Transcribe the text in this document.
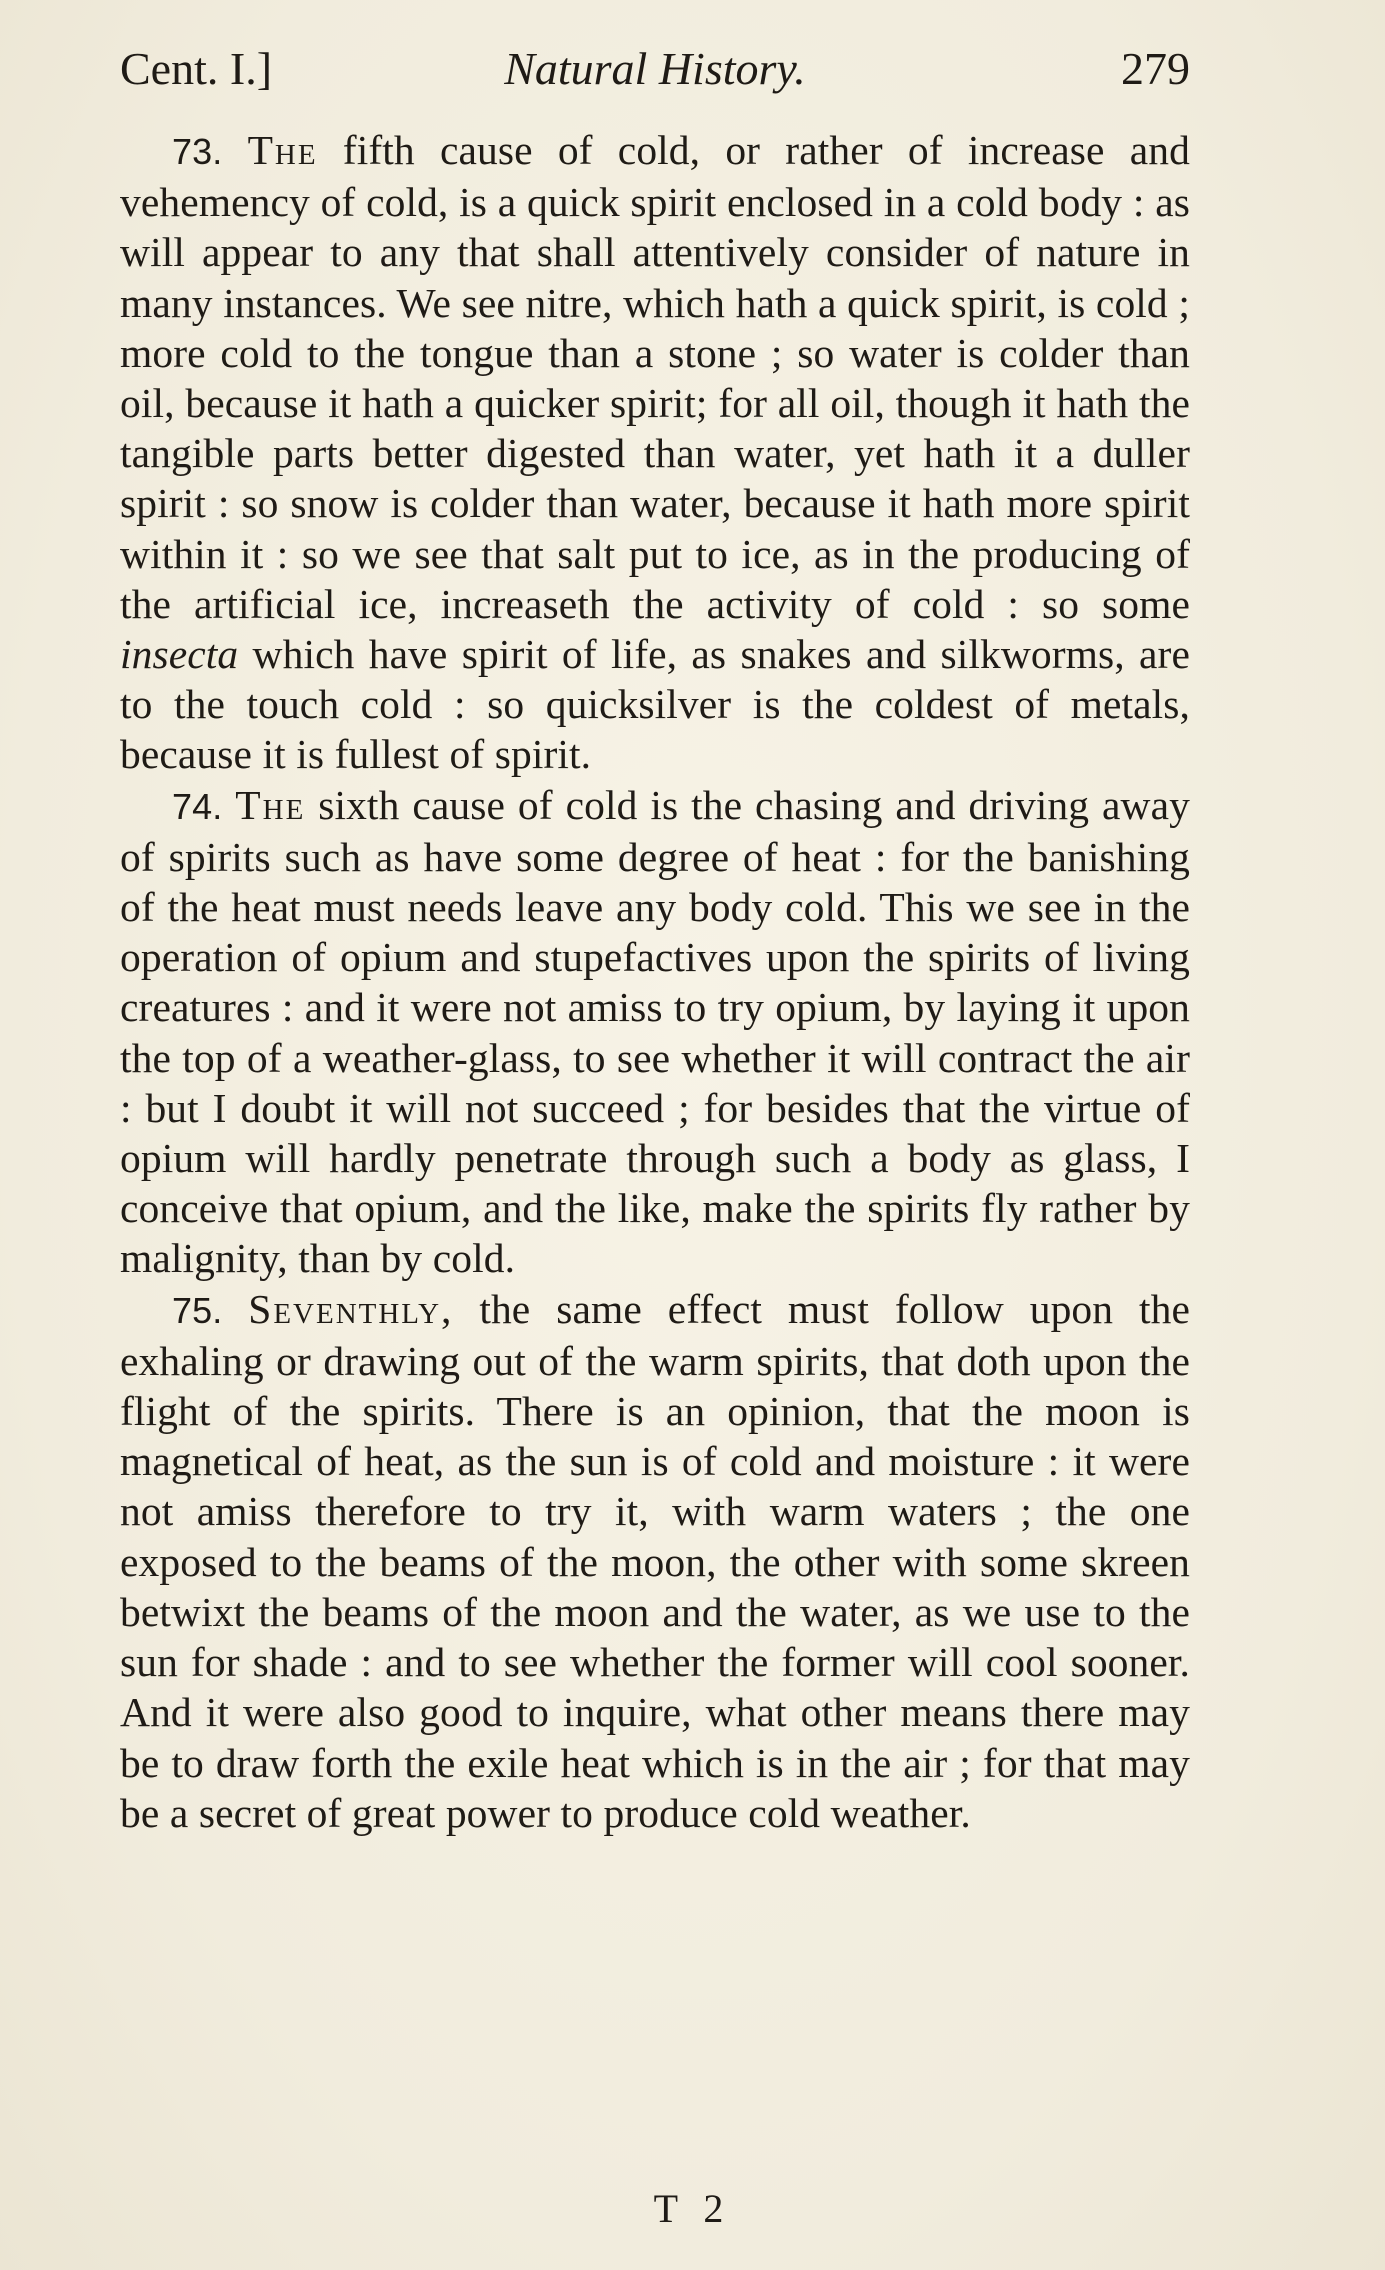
Cent. I.]	Natural History.	279

73. The fifth cause of cold, or rather of increase and vehemency of cold, is a quick spirit enclosed in a cold body : as will appear to any that shall attentively consider of nature in many instances. We see nitre, which hath a quick spirit, is cold ; more cold to the tongue than a stone ; so water is colder than oil, because it hath a quicker spirit; for all oil, though it hath the tangible parts better digested than water, yet hath it a duller spirit : so snow is colder than water, because it hath more spirit within it : so we see that salt put to ice, as in the producing of the artificial ice, increaseth the activity of cold : so some insecta which have spirit of life, as snakes and silkworms, are to the touch cold : so quicksilver is the coldest of metals, because it is fullest of spirit.

74. The sixth cause of cold is the chasing and driving away of spirits such as have some degree of heat : for the banishing of the heat must needs leave any body cold. This we see in the operation of opium and stupefactives upon the spirits of living creatures : and it were not amiss to try opium, by laying it upon the top of a weather-glass, to see whether it will contract the air : but I doubt it will not succeed ; for besides that the virtue of opium will hardly penetrate through such a body as glass, I conceive that opium, and the like, make the spirits fly rather by malignity, than by cold.

75. Seventhly, the same effect must follow upon the exhaling or drawing out of the warm spirits, that doth upon the flight of the spirits. There is an opinion, that the moon is magnetical of heat, as the sun is of cold and moisture : it were not amiss therefore to try it, with warm waters ; the one exposed to the beams of the moon, the other with some skreen betwixt the beams of the moon and the water, as we use to the sun for shade : and to see whether the former will cool sooner. And it were also good to inquire, what other means there may be to draw forth the exile heat which is in the air ; for that may be a secret of great power to produce cold weather.

T 2
